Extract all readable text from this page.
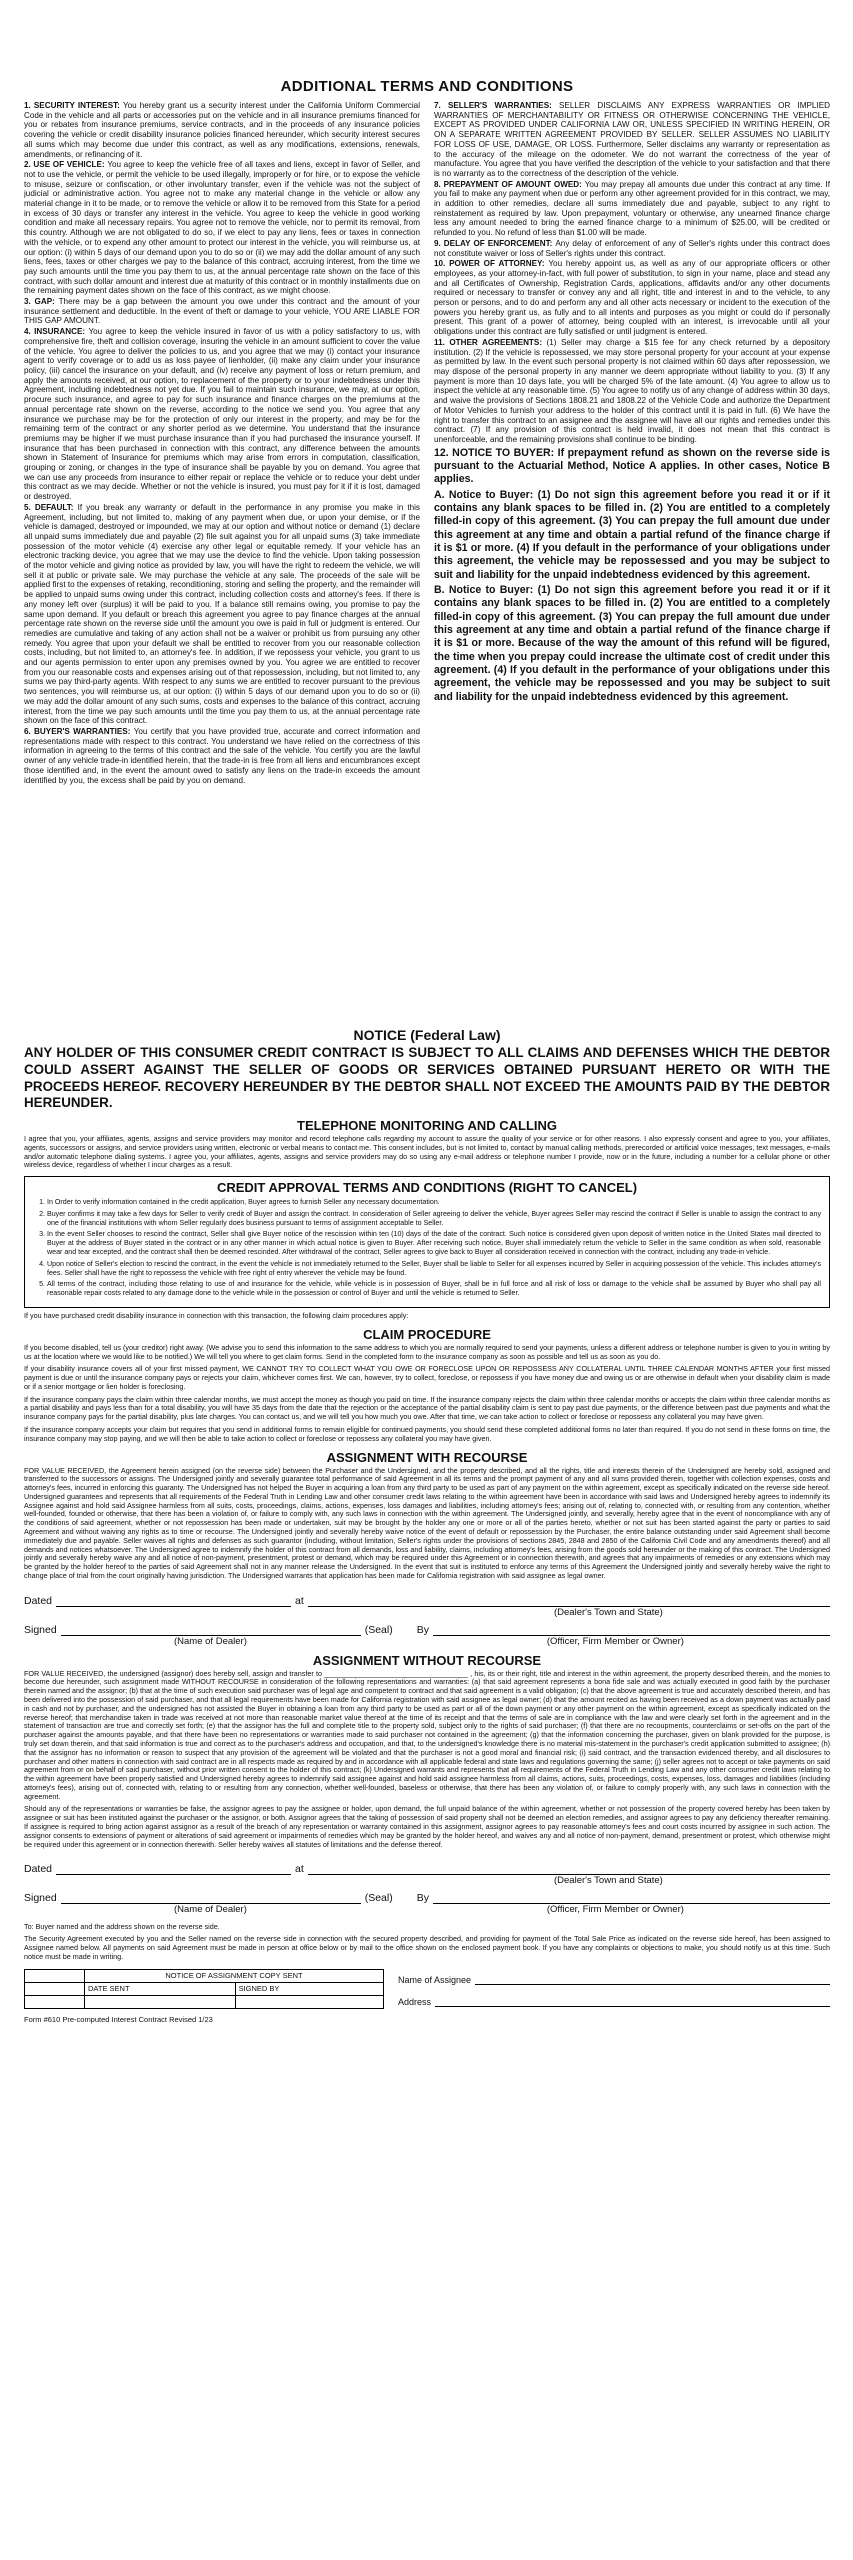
ADDITIONAL TERMS AND CONDITIONS

1. SECURITY INTEREST: You hereby grant us a security interest under the California Uniform Commercial Code in the vehicle and all parts or accessories put on the vehicle and in all insurance premiums financed for you or rebates from insurance premiums, service contracts, and in the proceeds of any insurance policies covering the vehicle or credit disability insurance policies financed hereunder, which security interest secures all sums which may become due under this contract, as well as any modifications, extensions, renewals, amendments, or refinancing of it.

2. USE OF VEHICLE: You agree to keep the vehicle free of all taxes and liens, except in favor of Seller, and not to use the vehicle, or permit the vehicle to be used illegally, improperly or for hire, or to expose the vehicle to misuse, seizure or confiscation, or other involuntary transfer, even if the vehicle was not the subject of judicial or administrative action. You agree not to make any material change in the vehicle or allow any material change in it to be made, or to remove the vehicle or allow it to be removed from this State for a period in excess of 30 days or transfer any interest in the vehicle. You agree to keep the vehicle in good working condition and make all necessary repairs. You agree not to remove the vehicle, nor to permit its removal, from this country. Although we are not obligated to do so, if we elect to pay any liens, fees or taxes in connection with the vehicle, or to expend any other amount to protect our interest in the vehicle, you will reimburse us, at our option: (i) within 5 days of our demand upon you to do so or (ii) we may add the dollar amount of any such liens, fees, taxes or other charges we pay to the balance of this contract, accruing interest, from the time we pay such amounts until the time you pay them to us, at the annual percentage rate shown on the face of this contract, with such dollar amount and interest due at maturity of this contract or in monthly installments due on the remaining payment dates shown on the face of this contract, as we might choose.

3. GAP: There may be a gap between the amount you owe under this contract and the amount of your insurance settlement and deductible. In the event of theft or damage to your vehicle, YOU ARE LIABLE FOR THIS GAP AMOUNT.

4. INSURANCE: You agree to keep the vehicle insured in favor of us with a policy satisfactory to us, with comprehensive fire, theft and collision coverage, insuring the vehicle in an amount sufficient to cover the value of the vehicle. You agree to deliver the policies to us, and you agree that we may (i) contact your insurance agent to verify coverage or to add us as loss payee of lienholder, (ii) make any claim under your insurance policy, (iii) cancel the insurance on your default, and (iv) receive any payment of loss or return premium, and apply the amounts received, at our option, to replacement of the property or to your indebtedness under this Agreement, including indebtedness not yet due. If you fail to maintain such insurance, we may, at our option, procure such insurance, and agree to pay for such insurance and finance charges on the premiums at the annual percentage rate shown on the reverse, according to the notice we send you. You agree that any insurance we purchase may be for the protection of only our interest in the property, and may be for the remaining term of the contract or any shorter period as we determine. You understand that the insurance premiums may be higher if we must purchase insurance than if you had purchased the insurance yourself. If insurance that has been purchased in connection with this contract, any difference between the amounts shown in Statement of Insurance for premiums which may arise from errors in computation, classification, grouping or zoning, or changes in the type of insurance shall be payable by you on demand. You agree that we can use any proceeds from insurance to either repair or replace the vehicle or to reduce your debt under this contract as we may decide. Whether or not the vehicle is insured, you must pay for it if it is lost, damaged or destroyed.

5. DEFAULT: If you break any warranty or default in the performance in any promise you make in this Agreement, including, but not limited to, making of any payment when due, or upon your demise, or if the vehicle is damaged, destroyed or impounded, we may at our option and without notice or demand (1) declare all unpaid sums immediately due and payable (2) file suit against you for all unpaid sums (3) take immediate possession of the motor vehicle (4) exercise any other legal or equitable remedy. If your vehicle has an electronic tracking device, you agree that we may use the device to find the vehicle. Upon taking possession of the motor vehicle and giving notice as provided by law, you will have the right to redeem the vehicle, we will sell it at public or private sale. We may purchase the vehicle at any sale. The proceeds of the sale will be applied first to the expenses of retaking, reconditioning, storing and selling the property, and the remainder will be applied to unpaid sums owing under this contract, including collection costs and attorney's fees. If there is any money left over (surplus) it will be paid to you. If a balance still remains owing, you promise to pay the same upon demand. If you default or breach this agreement you agree to pay finance charges at the annual percentage rate shown on the reverse side until the amount you owe is paid in full or judgment is entered. Our remedies are cumulative and taking of any action shall not be a waiver or prohibit us from pursuing any other remedy. You agree that upon your default we shall be entitled to recover from you our reasonable collection costs, including, but not limited to, an attorney's fee. In addition, if we repossess your vehicle, you grant to us and our agents permission to enter upon any premises owned by you. You agree we are entitled to recover from you our reasonable costs and expenses arising out of that repossession, including, but not limited to, any sums we pay third-party agents. With respect to any sums we are entitled to recover pursuant to the previous two sentences, you will reimburse us, at our option: (i) within 5 days of our demand upon you to do so or (ii) we may add the dollar amount of any such sums, costs and expenses to the balance of this contract, accruing interest, from the time we pay such amounts until the time you pay them to us, at the annual percentage rate shown on the face of this contract.

6. BUYER'S WARRANTIES: You certify that you have provided true, accurate and correct information and representations made with respect to this contract. You understand we have relied on the correctness of this information in agreeing to the terms of this contract and the sale of the vehicle. You certify you are the lawful owner of any vehicle trade-in identified herein, that the trade-in is free from all liens and encumbrances except those identified and, in the event the amount owed to satisfy any liens on the trade-in exceeds the amount identified by you, the excess shall be paid by you on demand.

7. SELLER'S WARRANTIES: SELLER DISCLAIMS ANY EXPRESS WARRANTIES OR IMPLIED WARRANTIES OF MERCHANTABILITY OR FITNESS OR OTHERWISE CONCERNING THE VEHICLE, EXCEPT AS PROVIDED UNDER CALIFORNIA LAW OR, UNLESS SPECIFIED IN WRITING HEREIN, OR ON A SEPARATE WRITTEN AGREEMENT PROVIDED BY SELLER. SELLER ASSUMES NO LIABILITY FOR LOSS OF USE, DAMAGE, OR LOSS. Furthermore, Seller disclaims any warranty or representation as to the accuracy of the mileage on the odometer. We do not warrant the correctness of the year of manufacture. You agree that you have verified the description of the vehicle to your satisfaction and that there is no warranty as to the correctness of the description of the vehicle.

8. PREPAYMENT OF AMOUNT OWED: You may prepay all amounts due under this contract at any time. If you fail to make any payment when due or perform any other agreement provided for in this contract, we may, in addition to other remedies, declare all sums immediately due and payable, subject to any right to reinstatement as required by law. Upon prepayment, voluntary or otherwise, any unearned finance charge less any amount needed to bring the earned finance charge to a minimum of $25.00, will be credited or refunded to you. No refund of less than $1.00 will be made.

9. DELAY OF ENFORCEMENT: Any delay of enforcement of any of Seller's rights under this contract does not constitute waiver or loss of Seller's rights under this contract.

10. POWER OF ATTORNEY: You hereby appoint us, as well as any of our appropriate officers or other employees, as your attorney-in-fact, with full power of substitution, to sign in your name, place and stead any and all Certificates of Ownership, Registration Cards, applications, affidavits and/or any other documents required or necessary to transfer or convey any and all right, title and interest in and to the vehicle, to any person or persons, and to do and perform any and all other acts necessary or incident to the execution of the powers you hereby grant us, as fully and to all intents and purposes as you might or could do if personally present. This grant of a power of attorney, being coupled with an interest, is irrevocable until all your obligations under this contract are fully satisfied or until judgment is entered.

11. OTHER AGREEMENTS: (1) Seller may charge a $15 fee for any check returned by a depository institution. (2) If the vehicle is repossessed, we may store personal property for your account at your expense as permitted by law. In the event such personal property is not claimed within 60 days after repossession, we may dispose of the personal property in any manner we deem appropriate without liability to you. (3) If any payment is more than 10 days late, you will be charged 5% of the late amount. (4) You agree to allow us to inspect the vehicle at any reasonable time. (5) You agree to notify us of any change of address within 30 days, and waive the provisions of Sections 1808.21 and 1808.22 of the Vehicle Code and authorize the Department of Motor Vehicles to furnish your address to the holder of this contract until it is paid in full. (6) We have the right to transfer this contract to an assignee and the assignee will have all our rights and remedies under this contract. (7) If any provision of this contract is held invalid, it does not mean that this contract is unenforceable, and the remaining provisions shall continue to be binding.

12. NOTICE TO BUYER: If prepayment refund as shown on the reverse side is pursuant to the Actuarial Method, Notice A applies. In other cases, Notice B applies.

A. Notice to Buyer: (1) Do not sign this agreement before you read it or if it contains any blank spaces to be filled in. (2) You are entitled to a completely filled-in copy of this agreement. (3) You can prepay the full amount due under this agreement at any time and obtain a partial refund of the finance charge if it is $1 or more. (4) If you default in the performance of your obligations under this agreement, the vehicle may be repossessed and you may be subject to suit and liability for the unpaid indebtedness evidenced by this agreement.

B. Notice to Buyer: (1) Do not sign this agreement before you read it or if it contains any blank spaces to be filled in. (2) You are entitled to a completely filled-in copy of this agreement. (3) You can prepay the full amount due under this agreement at any time and obtain a partial refund of the finance charge if it is $1 or more. Because of the way the amount of this refund will be figured, the time when you prepay could increase the ultimate cost of credit under this agreement. (4) If you default in the performance of your obligations under this agreement, the vehicle may be repossessed and you may be subject to suit and liability for the unpaid indebtedness evidenced by this agreement.

NOTICE (Federal Law)
ANY HOLDER OF THIS CONSUMER CREDIT CONTRACT IS SUBJECT TO ALL CLAIMS AND DEFENSES WHICH THE DEBTOR COULD ASSERT AGAINST THE SELLER OF GOODS OR SERVICES OBTAINED PURSUANT HERETO OR WITH THE PROCEEDS HEREOF. RECOVERY HEREUNDER BY THE DEBTOR SHALL NOT EXCEED THE AMOUNTS PAID BY THE DEBTOR HEREUNDER.
TELEPHONE MONITORING AND CALLING
I agree that you, your affiliates, agents, assigns and service providers may monitor and record telephone calls regarding my account to assure the quality of your service or for other reasons. I also expressly consent and agree to you, your affiliates, agents, successors or assigns, and service providers using written, electronic or verbal means to contact me. This consent includes, but is not limited to, contact by manual calling methods, prerecorded or artificial voice messages, text messages, e-mails and/or automatic telephone dialing systems. I agree you, your affiliates, agents, assigns and service providers may do so using any e-mail address or telephone number I provide, now or in the future, including a number for a cellular phone or other wireless device, regardless of whether I incur charges as a result.
CREDIT APPROVAL TERMS AND CONDITIONS (RIGHT TO CANCEL)
1. In Order to verify information contained in the credit application, Buyer agrees to furnish Seller any necessary documentation.
2. Buyer confirms it may take a few days for Seller to verify credit of Buyer and assign the contract. In consideration of Seller agreeing to deliver the vehicle, Buyer agrees Seller may rescind the contract if Seller is unable to assign the contract to any one of the financial institutions with whom Seller regularly does business pursuant to terms of assignment acceptable to Seller.
3. In the event Seller chooses to rescind the contract, Seller shall give Buyer notice of the rescission within ten (10) days of the date of the contract. Such notice is considered given upon deposit of written notice in the United States mail directed to Buyer at the address of Buyer stated in the contract or in any other manner in which actual notice is given to Buyer. After receiving such notice, Buyer shall immediately return the vehicle to Seller in the same condition as when sold, reasonable wear and tear excepted, and the contract shall then be deemed rescinded. After withdrawal of the contract, Seller agrees to give back to Buyer all consideration received in connection with the contract, including any trade-in vehicle.
4. Upon notice of Seller's election to rescind the contract, in the event the vehicle is not immediately returned to the Seller, Buyer shall be liable to Seller for all expenses incurred by Seller in acquiring possession of the vehicle. This includes attorney's fees. Seller shall have the right to repossess the vehicle with free right of entry wherever the vehicle may be found.
5. All terms of the contract, including those relating to use of and insurance for the vehicle, while vehicle is in possession of Buyer, shall be in full force and all risk of loss or damage to the vehicle shall be assumed by Buyer who shall pay all reasonable repair costs related to any damage done to the vehicle while in the possession or control of Buyer and until the vehicle is returned to Seller.
If you have purchased credit disability insurance in connection with this transaction, the following claim procedures apply:
CLAIM PROCEDURE
If you become disabled, tell us (your creditor) right away. (We advise you to send this information to the same address to which you are normally required to send your payments, unless a different address or telephone number is given to you in writing by us at the location where we would like to be notified.) We will tell you where to get claim forms. Send in the completed form to the insurance company as soon as possible and tell us as soon as you do.
If your disability insurance covers all of your first missed payment, WE CANNOT TRY TO COLLECT WHAT YOU OWE OR FORECLOSE UPON OR REPOSSESS ANY COLLATERAL UNTIL THREE CALENDAR MONTHS AFTER your first missed payment is due or until the insurance company pays or rejects your claim, whichever comes first. We can, however, try to collect, foreclose, or repossess if you have money due and owing us or are otherwise in default when your disability claim is made or if a senior mortgage or lien holder is foreclosing.
If the insurance company pays the claim within three calendar months, we must accept the money as though you paid on time. If the insurance company rejects the claim within three calendar months or accepts the claim within three calendar months as a partial disability and pays less than for a total disability, you will have 35 days from the date that the rejection or the acceptance of the partial disability claim is sent to pay past due payments, or the difference between past due payments and what the insurance company pays for the partial disability, plus late charges. You can contact us, and we will tell you how much you owe. After that time, we can take action to collect or foreclose or repossess any collateral you may have given.
If the insurance company accepts your claim but requires that you send in additional forms to remain eligible for continued payments, you should send these completed additional forms no later than required. If you do not send in these forms on time, the insurance company may stop paying, and we will then be able to take action to collect or foreclose or repossess any collateral you may have given.
ASSIGNMENT WITH RECOURSE
FOR VALUE RECEIVED, the Agreement herein assigned (on the reverse side) between the Purchaser and the Undersigned, and the property described, and all the rights, title and interests therein of the Undersigned are hereby sold, assigned and transferred to the successors or assigns. The Undersigned jointly and severally guarantee total performance of said Agreement in all its terms and the prompt payment of any and all sums provided therein, together with collection expenses, costs and attorney's fees, incurred in enforcing this guaranty. The Undersigned has not helped the Buyer in acquiring a loan from any third party to be used as part of any payment on the within agreement, except as specifically indicated on the reverse side hereof. Undersigned guarantees and represents that all requirements of the Federal Truth in Lending Law and other consumer credit laws relating to the within agreement have been in accordance with said laws and Undersigned hereby agrees to indemnify its Assignee against and hold said Assignee harmless from all suits, costs, proceedings, claims, actions, expenses, loss damages and liabilities, including attorney's fees; arising out of, relating to, connected with, or resulting from any contention, whether well-founded, founded or otherwise, that there has been a violation of, or failure to comply with, any such laws in connection with the within agreement. The Undersigned jointly, and severally, hereby agree that in the event of noncompliance with any of the conditions of said agreement, whether or not repossession has been made or undertaken, suit may be brought by the holder any one or more or all of the parties hereto, whether or not suit has been started against the party or parties to said Agreement and without waiving any rights as to time or recourse. The Undersigned jointly and severally hereby waive notice of the event of default or repossession by the Purchaser, the entire balance outstanding under said Agreement shall become immediately due and payable. Seller waives all rights and defenses as such guarantor (including, without limitation, Seller's rights under the provisions of sections 2845, 2848 and 2850 of the California Civil Code and any amendments thereof) and all demands and notices whatsoever. The Undersigned agree to indemnify the holder of this contract from all demands, loss and liability, claims, including attorney's fees, arising from the goods sold hereunder or the making of this contract. The Undersigned jointly and severally hereby waive any and all notice of non-payment, presentment, protest or demand, which may be required under this Agreement or in connection therewith, and agrees that any impairments of remedies or any extensions which may be granted by the holder hereof to the parties of said Agreement shall not in any manner release the Undersigned. In the event that suit is instituted to enforce any terms of this Agreement the Undersigned jointly and severally hereby waive the right to change place of trial from the court originally having jurisdiction. The Undersigned warrants that application has been made for California registration with said assignee as legal owner.
Dated	at
(Dealer's Town and State)
Signed	(Seal) By
(Name of Dealer)	(Officer, Firm Member or Owner)
ASSIGNMENT WITHOUT RECOURSE
FOR VALUE RECEIVED, the undersigned (assignor) does hereby sell, assign and transfer to ____________________________________ , his, its or their right, title and interest in the within agreement, the property described therein, and the monies to become due hereunder, such assignment made WITHOUT RECOURSE in consideration of the following representations and warranties: (a) that said agreement represents a bona fide sale and was actually executed in good faith by the purchaser therein named and the assignor; (b) that at the time of such execution said purchaser was of legal age and competent to contract and that said agreement is a valid obligation; (c) that the above agreement is true and accurately described therein, and has been delivered into the possession of said purchaser, and that all legal requirements have been made for California registration with said assignee as legal owner; (d) that the amount recited as having been received as a down payment was actually paid in cash and not by purchaser, and the undersigned has not assisted the Buyer in obtaining a loan from any third party to be used as part or all of the down payment or any other payment on the within agreement, except as specifically indicated on the reverse hereof; that merchandise taken in trade was received at not more than reasonable market value thereof at the time of its receipt and that the terms of sale are in compliance with the law and were clearly set forth in the agreement and in the statement of transaction are true and correctly set forth; (e) that the assignor has the full and complete title to the property sold, subject only to the rights of said purchaser; (f) that there are no recoupments, counterclaims or set-offs on the part of the purchaser against the amounts payable, and that there have been no representations or warranties made to said purchaser not contained in the agreement; (g) that the information concerning the purchaser, given on blank provided for the purpose, is truly set down therein, and that said information is true and correct as to the purchaser's address and occupation, and that, to the undersigned's knowledge there is no material mis-statement in the purchaser's credit application submitted to assignee; (h) that the assignor has no information or reason to suspect that any provision of the agreement will be violated and that the purchaser is not a good moral and financial risk; (i) said contract, and the transaction evidenced thereby, and all disclosures to purchaser and other matters in connection with said contract are in all respects made as required by and in accordance with all applicable federal and state laws and regulations governing the same; (j) seller agrees not to accept or take payments on said agreement from or on behalf of said purchaser, without prior written consent to the holder of this contract; (k) Undersigned warrants and represents that all requirements of the Federal Truth in Lending Law and any other consumer credit laws relating to the within agreement have been properly satisfied and Undersigned hereby agrees to indemnify said assignee against and hold said assignee harmless from all claims, actions, suits, proceedings, costs, expenses, loss, damages and liabilities (including attorney's fees), arising out of, connected with, relating to or resulting from any connection, whether well-founded, baseless or otherwise, that there has been any violation of, or failure to comply properly with, any such laws in connection with the agreement.
Should any of the representations or warranties be false, the assignor agrees to pay the assignee or holder, upon demand, the full unpaid balance of the within agreement, whether or not possession of the property covered hereby has been taken by assignee or suit has been instituted against the purchaser or the assignor, or both. Assignor agrees that the taking of possession of said property shall not be deemed an election remedies, and assignor agrees to pay any deficiency thereafter remaining. If assignee is required to bring action against assignor as a result of the breach of any representation or warranty contained in this assignment, assignor agrees to pay reasonable attorney's fees and court costs incurred by assignee in such action. The assignor consents to extensions of payment or alterations of said agreement or impairments of remedies which may be granted by the holder hereof, and waives any and all notice of non-payment, demand, presentment or protest, which otherwise might be required under this agreement or in connection therewith. Seller hereby waives all statutes of limitations and the defense thereof.
Dated	at
(Dealer's Town and State)
Signed	(Seal) By
(Name of Dealer)	(Officer, Firm Member or Owner)
To: Buyer named and the address shown on the reverse side.
The Security Agreement executed by you and the Seller named on the reverse side in connection with the secured property described, and providing for payment of the Total Sale Price as indicated on the reverse side hereof, has been assigned to Assignee named below. All payments on said Agreement must be made in person at office below or by mail to the office shown on the enclosed payment book. If you have any complaints or objections to make, you should notify us at this time. Such notice must be made in writing.
	NOTICE OF ASSIGNMENT COPY SENT	
	DATE SENT	SIGNED BY

Name of Assignee
Address
Form #610 Pre-computed Interest Contract Revised 1/23
